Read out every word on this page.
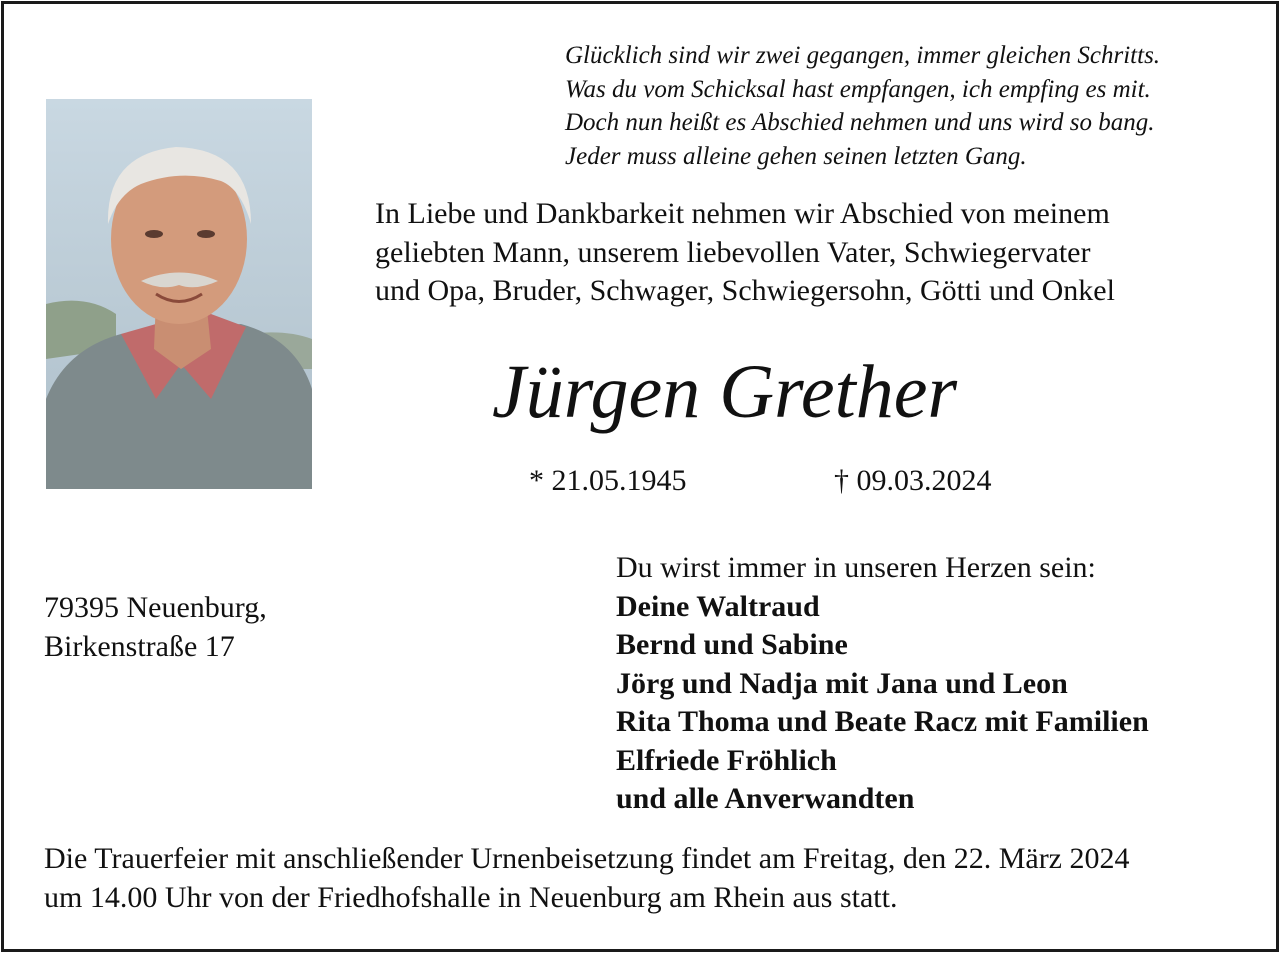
Glücklich sind wir zwei gegangen, immer gleichen Schritts.
Was du vom Schicksal hast empfangen, ich empfing es mit.
Doch nun heißt es Abschied nehmen und uns wird so bang.
Jeder muss alleine gehen seinen letzten Gang.
In Liebe und Dankbarkeit nehmen wir Abschied von meinem
geliebten Mann, unserem liebevollen Vater, Schwiegervater
und Opa, Bruder, Schwager, Schwiegersohn, Götti und Onkel
Jürgen Grether
* 21.05.1945	† 09.03.2024
79395 Neuenburg,
Birkenstraße 17
Du wirst immer in unseren Herzen sein:
Deine Waltraud
Bernd und Sabine
Jörg und Nadja mit Jana und Leon
Rita Thoma und Beate Racz mit Familien
Elfriede Fröhlich
und alle Anverwandten
Die Trauerfeier mit anschließender Urnenbeisetzung findet am Freitag, den 22. März 2024
um 14.00 Uhr von der Friedhofshalle in Neuenburg am Rhein aus statt.
